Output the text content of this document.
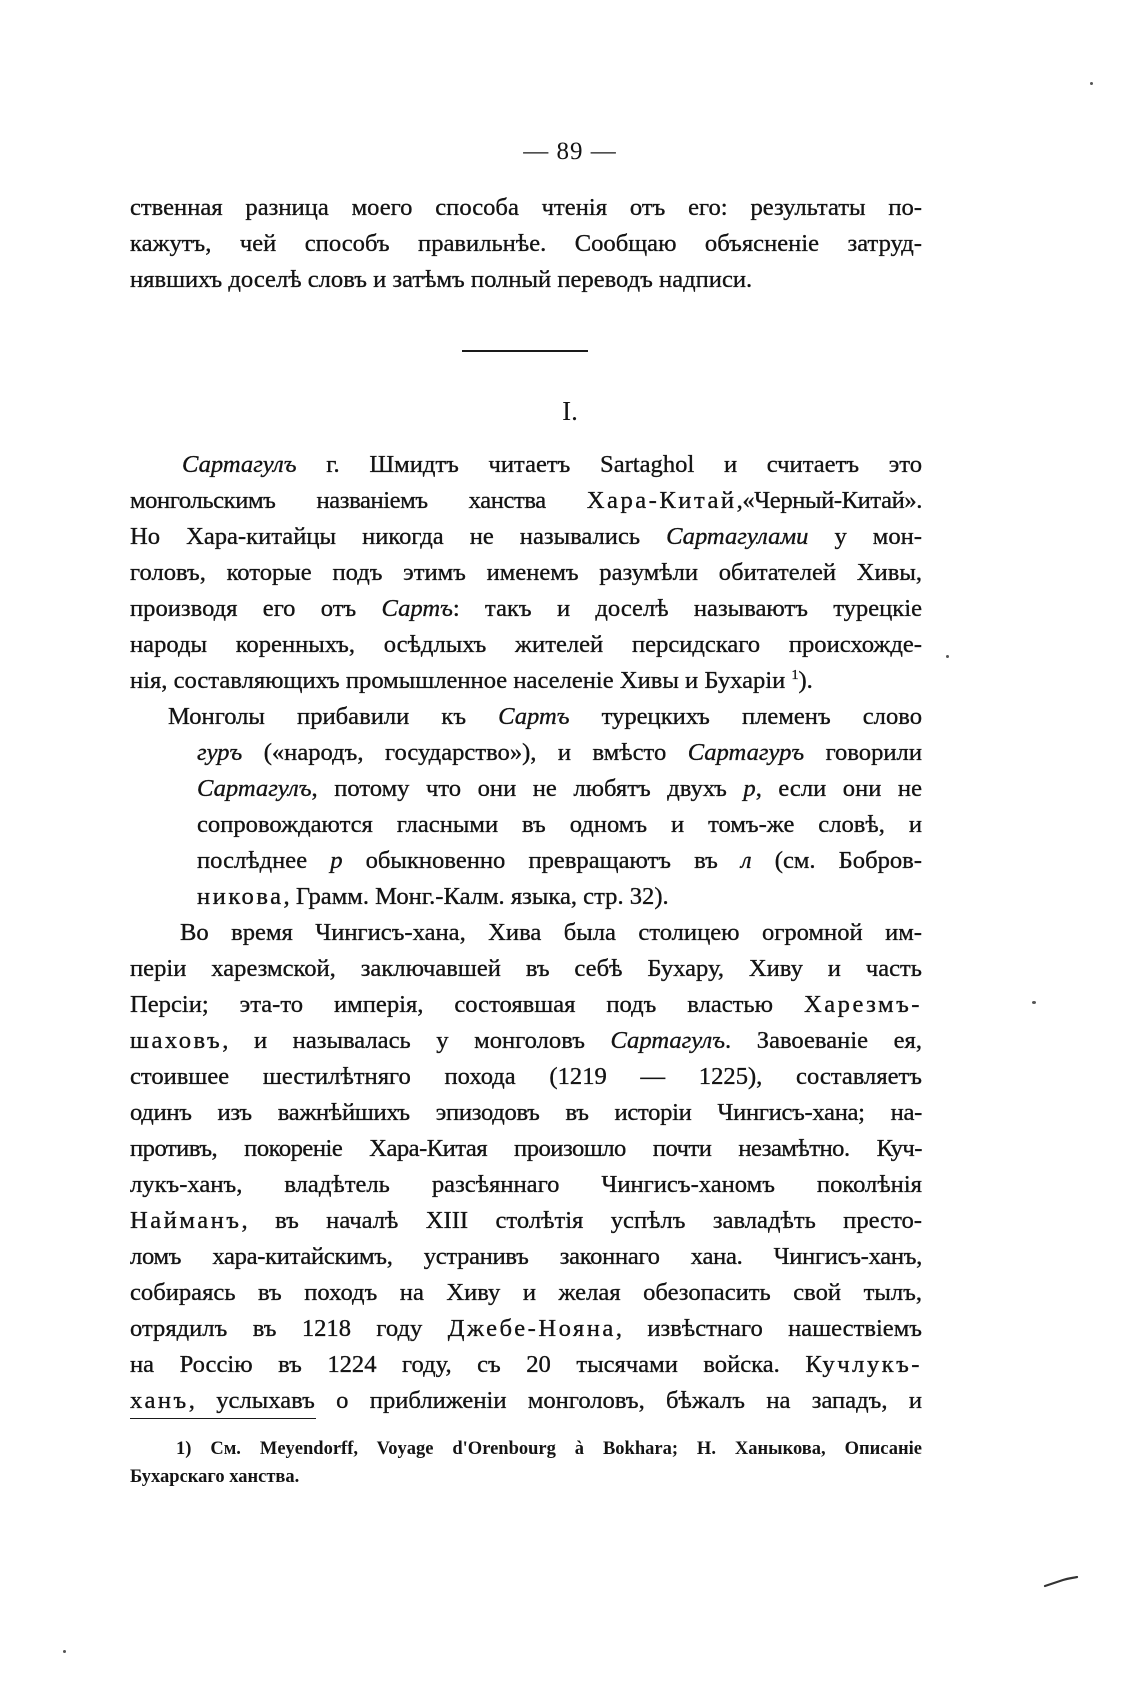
— 89 —
ственная разница моего способа чтенія отъ его: результаты по-
кажутъ, чей способъ правильнѣе. Сообщаю объясненіе затруд-
нявшихъ доселѣ словъ и затѣмъ полный переводъ надписи.
I.
Сартагулъ г. Шмидтъ читаетъ Sartaghol и считаетъ это
монгольскимъ названіемъ ханства Хара-Китай,«Черный-Китай».
Но Хара-китайцы никогда не назывались Сартагулами у мон-
головъ, которые подъ этимъ именемъ разумѣли обитателей Хивы,
производя его отъ Сартъ: такъ и доселѣ называютъ турецкіе
народы коренныхъ, осѣдлыхъ жителей персидскаго происхожде-
нія, составляющихъ промышленное населеніе Хивы и Бухаріи $^1$).
Монголы прибавили къ Сартъ турецкихъ племенъ слово
гуръ («народъ, государство»), и вмѣсто Сартагуръ говорили
Сартагулъ, потому что они не любятъ двухъ р, если они не
сопровождаются гласными въ одномъ и томъ-же словѣ, и
послѣднее р обыкновенно превращаютъ въ л (см. Бобров-
никова, Грамм. Монг.-Калм. языка, стр. 32).
Во время Чингисъ-хана, Хива была столицею огромной им-
періи харезмской, заключавшей въ себѣ Бухару, Хиву и часть
Персіи; эта-то имперія, состоявшая подъ властью Харезмъ-
шаховъ, и называлась у монголовъ Сартагулъ. Завоеваніе ея,
стоившее шестилѣтняго похода (1219 — 1225), составляетъ
одинъ изъ важнѣйшихъ эпизодовъ въ исторіи Чингисъ-хана; на-
противъ, покореніе Хара-Китая произошло почти незамѣтно. Куч-
лукъ-ханъ, владѣтель разсѣяннаго Чингисъ-ханомъ поколѣнія
Найманъ, въ началѣ XIII столѣтія успѣлъ завладѣть престо-
ломъ хара-китайскимъ, устранивъ законнаго хана. Чингисъ-ханъ,
собираясь въ походъ на Хиву и желая обезопасить свой тылъ,
отрядилъ въ 1218 году Джебе-Нояна, извѣстнаго нашествіемъ
на Россію въ 1224 году, съ 20 тысячами войска. Кучлукъ-
ханъ, услыхавъ о приближеніи монголовъ, бѣжалъ на западъ, и
1) См. Meyendorff, Voyage d'Orenbourg à Bokhara; Н. Ханыкова, Описаніе
Бухарскаго ханства.
